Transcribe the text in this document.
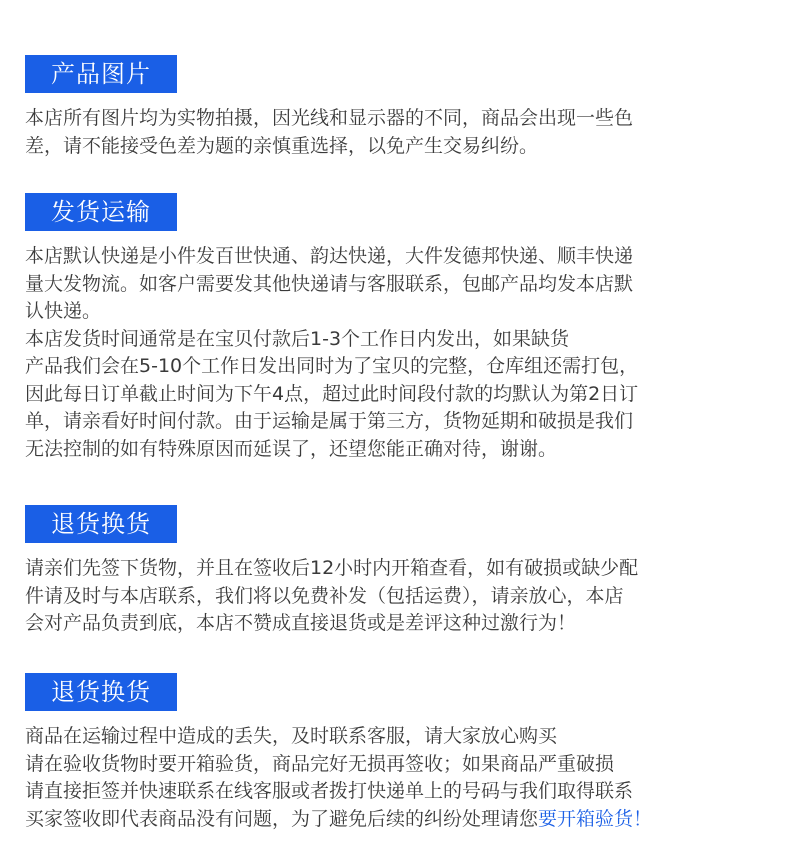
产品图片
本店所有图片均为实物拍摄，因光线和显示器的不同，商品会出现一些色
差，请不能接受色差为题的亲慎重选择，以免产生交易纠纷。
发货运输
本店默认快递是小件发百世快通、韵达快递，大件发德邦快递、顺丰快递
量大发物流。如客户需要发其他快递请与客服联系，包邮产品均发本店默
认快递。
本店发货时间通常是在宝贝付款后1-3个工作日内发出，如果缺货
产品我们会在5-10个工作日发出同时为了宝贝的完整，仓库组还需打包，
因此每日订单截止时间为下午4点，超过此时间段付款的均默认为第2日订
单，请亲看好时间付款。由于运输是属于第三方，货物延期和破损是我们
无法控制的如有特殊原因而延误了，还望您能正确对待，谢谢。
退货换货
请亲们先签下货物，并且在签收后12小时内开箱查看，如有破损或缺少配
件请及时与本店联系，我们将以免费补发（包括运费），请亲放心，本店
会对产品负责到底，本店不赞成直接退货或是差评这种过激行为！
退货换货
商品在运输过程中造成的丢失，及时联系客服，请大家放心购买
请在验收货物时要开箱验货，商品完好无损再签收；如果商品严重破损
请直接拒签并快速联系在线客服或者拨打快递单上的号码与我们取得联系
买家签收即代表商品没有问题，为了避免后续的纠纷处理请您要开箱验货！
